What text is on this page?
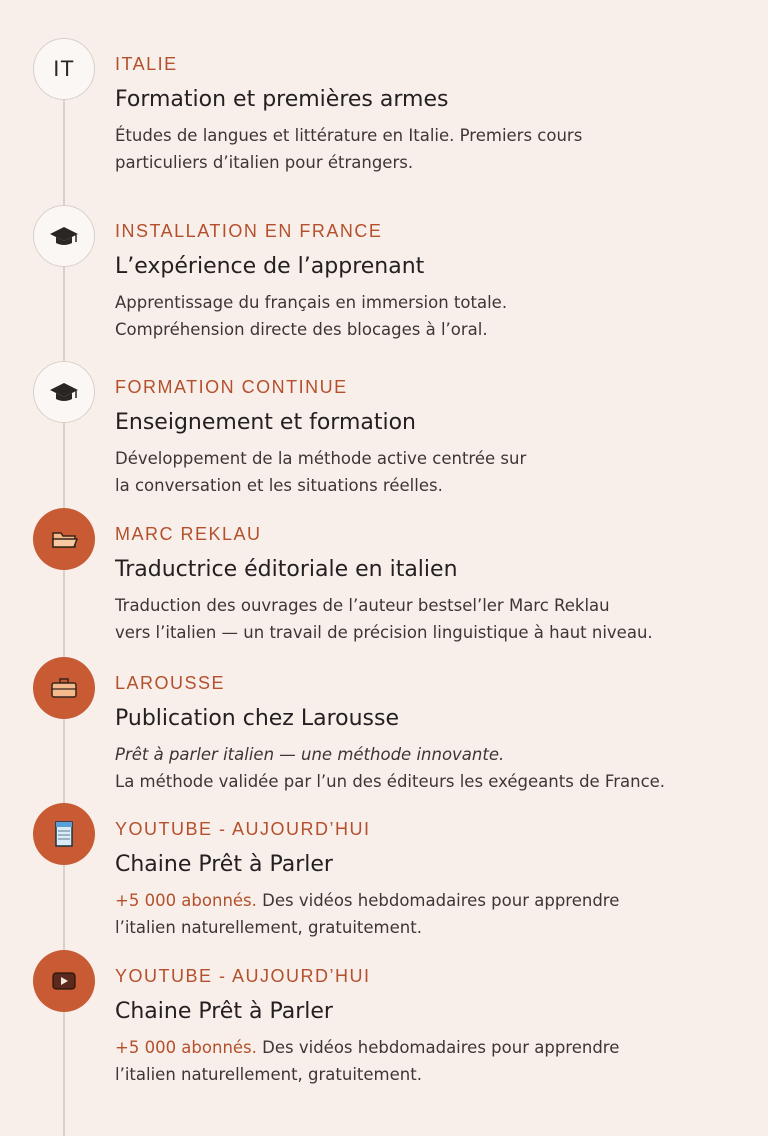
IT ITALIE
Formation et premières armes
Études de langues et littérature en Italie. Premiers cours
particuliers d’italien pour étrangers.
INSTALLATION EN FRANCE
L’expérience de l’apprenant
Apprentissage du français en immersion totale.
Compréhension directe des blocages à l’oral.
FORMATION CONTINUE
Enseignement et formation
Développement de la méthode active centrée sur
la conversation et les situations réelles.
MARC REKLAU
Traductrice éditoriale en italien
Traduction des ouvrages de l’auteur bestsel’ler Marc Reklau
vers l’italien — un travail de précision linguistique à haut niveau.
LAROUSSE
Publication chez Larousse
Prêt à parler italien — une méthode innovante.
La méthode validée par l’un des éditeurs les exégeants de France.
YOUTUBE - AUJOURD’HUI
Chaine Prêt à Parler
+5 000 abonnés. Des vidéos hebdomadaires pour apprendre
l’italien naturellement, gratuitement.
YOUTUBE - AUJOURD’HUI
Chaine Prêt à Parler
+5 000 abonnés. Des vidéos hebdomadaires pour apprendre
l’italien naturellement, gratuitement.
